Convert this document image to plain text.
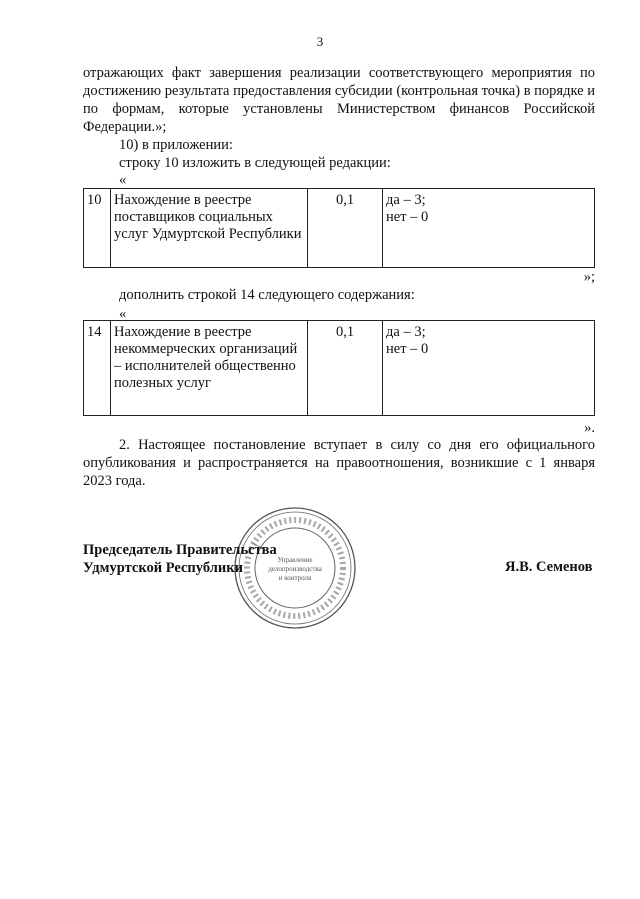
3
отражающих факт завершения реализации соответствующего мероприятия по достижению результата предоставления субсидии (контрольная точка) в порядке и по формам, которые установлены Министерством финансов Российской Федерации.»;
10) в приложении:
строку 10 изложить в следующей редакции:
«
10	Нахождение в реестре поставщиков социальных услуг Удмуртской Республики	0,1	да – 3;
нет – 0
»;
дополнить строкой 14 следующего содержания:
«
14	Нахождение в реестре некоммерческих организаций – исполнителей общественно полезных услуг	0,1	да – 3;
нет – 0
».
2. Настоящее постановление вступает в силу со дня его официального опубликования и распространяется на правоотношения, возникшие с 1 января 2023 года.
Управление
делопроизводства
и контроля
Председатель Правительства
Удмуртской Республики	Я.В. Семенов
